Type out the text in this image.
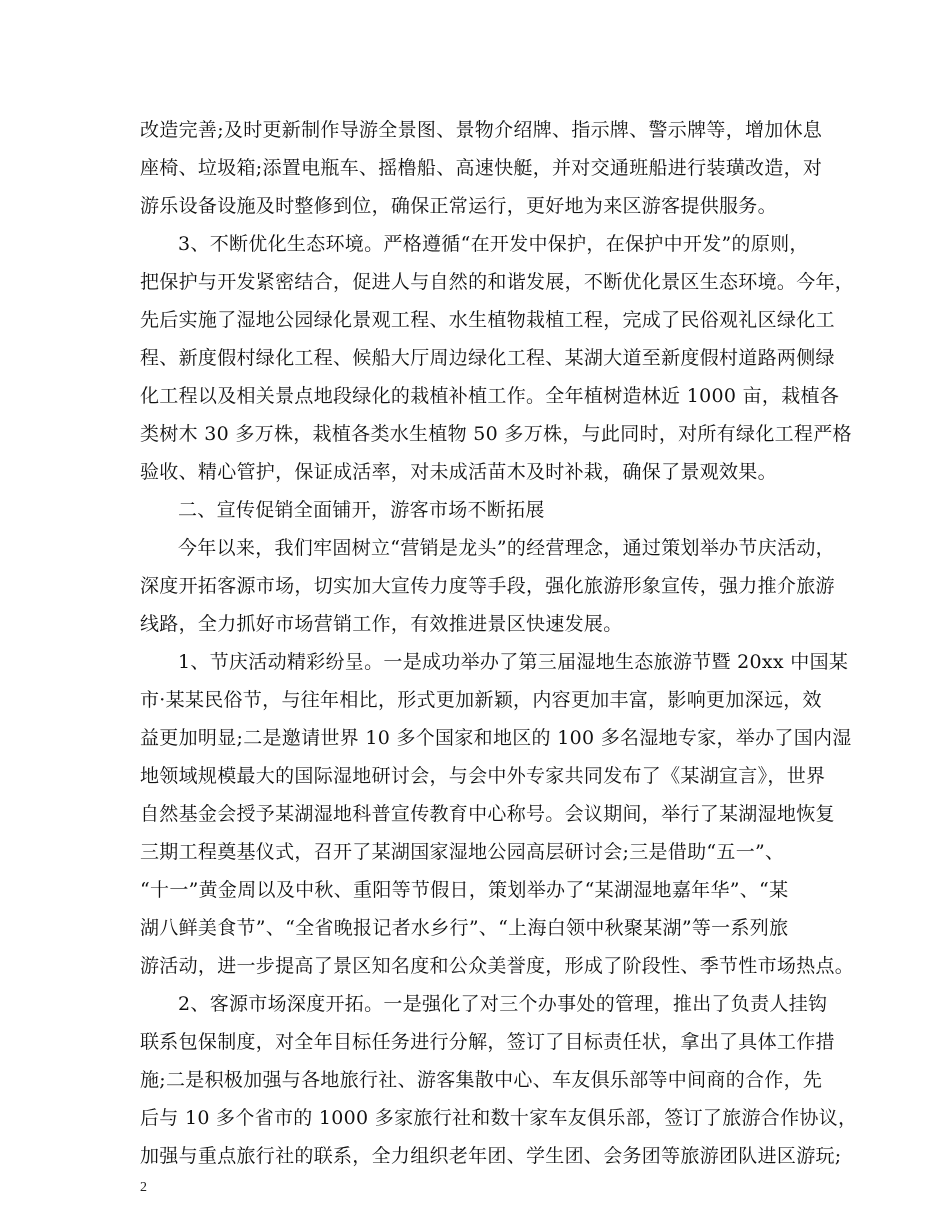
改造完善;及时更新制作导游全景图、景物介绍牌、指示牌、警示牌等，增加休息
座椅、垃圾箱;添置电瓶车、摇橹船、高速快艇，并对交通班船进行装璜改造，对
游乐设备设施及时整修到位，确保正常运行，更好地为来区游客提供服务。
3、不断优化生态环境。严格遵循“在开发中保护，在保护中开发”的原则，
把保护与开发紧密结合，促进人与自然的和谐发展，不断优化景区生态环境。今年，
先后实施了湿地公园绿化景观工程、水生植物栽植工程，完成了民俗观礼区绿化工
程、新度假村绿化工程、候船大厅周边绿化工程、某湖大道至新度假村道路两侧绿
化工程以及相关景点地段绿化的栽植补植工作。全年植树造林近 1000 亩，栽植各
类树木 30 多万株，栽植各类水生植物 50 多万株，与此同时，对所有绿化工程严格
验收、精心管护，保证成活率，对未成活苗木及时补栽，确保了景观效果。
二、宣传促销全面铺开，游客市场不断拓展
今年以来，我们牢固树立“营销是龙头”的经营理念，通过策划举办节庆活动，
深度开拓客源市场，切实加大宣传力度等手段，强化旅游形象宣传，强力推介旅游
线路，全力抓好市场营销工作，有效推进景区快速发展。
1、节庆活动精彩纷呈。一是成功举办了第三届湿地生态旅游节暨 20xx 中国某
市·某某民俗节，与往年相比，形式更加新颖，内容更加丰富，影响更加深远，效
益更加明显;二是邀请世界 10 多个国家和地区的 100 多名湿地专家，举办了国内湿
地领域规模最大的国际湿地研讨会，与会中外专家共同发布了《某湖宣言》，世界
自然基金会授予某湖湿地科普宣传教育中心称号。会议期间，举行了某湖湿地恢复
三期工程奠基仪式，召开了某湖国家湿地公园高层研讨会;三是借助“五一”、
“十一”黄金周以及中秋、重阳等节假日，策划举办了“某湖湿地嘉年华”、“某
湖八鲜美食节”、“全省晚报记者水乡行”、“上海白领中秋聚某湖”等一系列旅
游活动，进一步提高了景区知名度和公众美誉度，形成了阶段性、季节性市场热点。
2、客源市场深度开拓。一是强化了对三个办事处的管理，推出了负责人挂钩
联系包保制度，对全年目标任务进行分解，签订了目标责任状，拿出了具体工作措
施;二是积极加强与各地旅行社、游客集散中心、车友俱乐部等中间商的合作，先
后与 10 多个省市的 1000 多家旅行社和数十家车友俱乐部，签订了旅游合作协议，
加强与重点旅行社的联系，全力组织老年团、学生团、会务团等旅游团队进区游玩;
2
